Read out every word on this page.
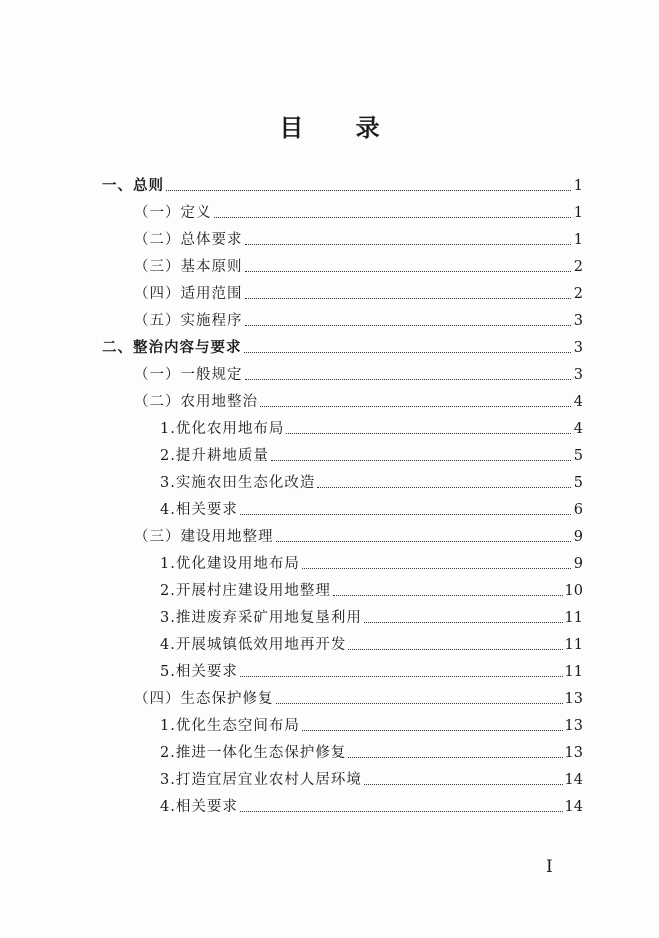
目 录
一、总则	1
（一）定义	1
（二）总体要求	1
（三）基本原则	2
（四）适用范围	2
（五）实施程序	3
二、整治内容与要求	3
（一）一般规定	3
（二）农用地整治	4
1.优化农用地布局	4
2.提升耕地质量	5
3.实施农田生态化改造	5
4.相关要求	6
（三）建设用地整理	9
1.优化建设用地布局	9
2.开展村庄建设用地整理	10
3.推进废弃采矿用地复垦利用	11
4.开展城镇低效用地再开发	11
5.相关要求	11
（四）生态保护修复	13
1.优化生态空间布局	13
2.推进一体化生态保护修复	13
3.打造宜居宜业农村人居环境	14
4.相关要求	14
I
